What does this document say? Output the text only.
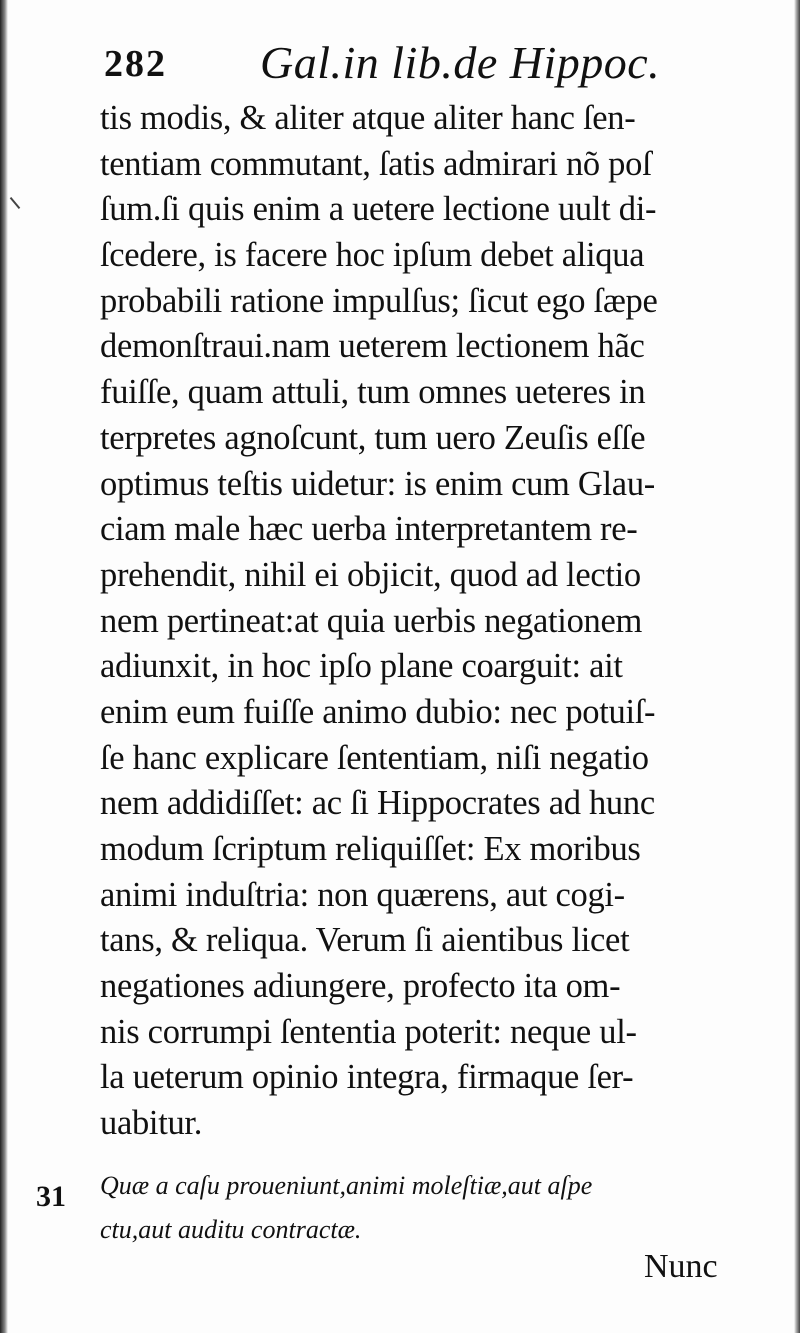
282 Gal.in lib.de Hippoc.
tis modis, & aliter atque aliter hanc ſen-
tentiam commutant, ſatis admirari nõ poſ
ſum.ſi quis enim a uetere lectione uult di-
ſcedere, is facere hoc ipſum debet aliqua
probabili ratione impulſus; ſicut ego ſæpe
demonſtraui.nam ueterem lectionem hãc
fuiſſe, quam attuli, tum omnes ueteres in
terpretes agnoſcunt, tum uero Zeuſis eſſe
optimus teſtis uidetur: is enim cum Glau-
ciam male hæc uerba interpretantem re-
prehendit, nihil ei objicit, quod ad lectio
nem pertineat:at quia uerbis negationem
adiunxit, in hoc ipſo plane coarguit: ait
enim eum fuiſſe animo dubio: nec potuiſ-
ſe hanc explicare ſententiam, niſi negatio
nem addidiſſet: ac ſi Hippocrates ad hunc
modum ſcriptum reliquiſſet: Ex moribus
animi induſtria: non quærens, aut cogi-
tans, & reliqua. Verum ſi aientibus licet
negationes adiungere, profecto ita om-
nis corrumpi ſententia poterit: neque ul-
la ueterum opinio integra, firmaque ſer-
uabitur.
31 Quæ a caſu proueniunt,animi moleſtiæ,aut aſpe
ctu,aut auditu contractæ.
Nunc
